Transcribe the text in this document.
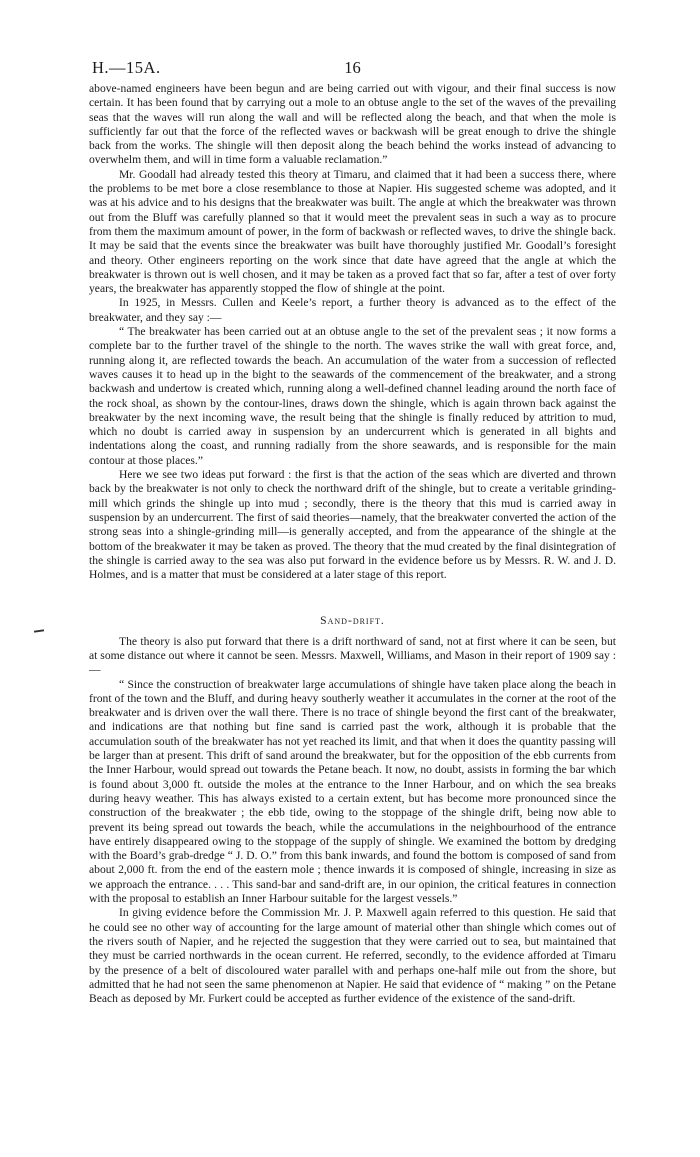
H.—15A.	16

above-named engineers have been begun and are being carried out with vigour, and their final success is now certain. It has been found that by carrying out a mole to an obtuse angle to the set of the waves of the prevailing seas that the waves will run along the wall and will be reflected along the beach, and that when the mole is sufficiently far out that the force of the reflected waves or backwash will be great enough to drive the shingle back from the works. The shingle will then deposit along the beach behind the works instead of advancing to overwhelm them, and will in time form a valuable reclamation.”

Mr. Goodall had already tested this theory at Timaru, and claimed that it had been a success there, where the problems to be met bore a close resemblance to those at Napier. His suggested scheme was adopted, and it was at his advice and to his designs that the breakwater was built. The angle at which the breakwater was thrown out from the Bluff was carefully planned so that it would meet the prevalent seas in such a way as to procure from them the maximum amount of power, in the form of backwash or reflected waves, to drive the shingle back. It may be said that the events since the breakwater was built have thoroughly justified Mr. Goodall’s foresight and theory. Other engineers reporting on the work since that date have agreed that the angle at which the breakwater is thrown out is well chosen, and it may be taken as a proved fact that so far, after a test of over forty years, the breakwater has apparently stopped the flow of shingle at the point.

In 1925, in Messrs. Cullen and Keele’s report, a further theory is advanced as to the effect of the breakwater, and they say :—

“ The breakwater has been carried out at an obtuse angle to the set of the prevalent seas ; it now forms a complete bar to the further travel of the shingle to the north. The waves strike the wall with great force, and, running along it, are reflected towards the beach. An accumulation of the water from a succession of reflected waves causes it to head up in the bight to the seawards of the commencement of the breakwater, and a strong backwash and undertow is created which, running along a well-defined channel leading around the north face of the rock shoal, as shown by the contour-lines, draws down the shingle, which is again thrown back against the breakwater by the next incoming wave, the result being that the shingle is finally reduced by attrition to mud, which no doubt is carried away in suspension by an undercurrent which is generated in all bights and indentations along the coast, and running radially from the shore seawards, and is responsible for the main contour at those places.”

Here we see two ideas put forward : the first is that the action of the seas which are diverted and thrown back by the breakwater is not only to check the northward drift of the shingle, but to create a veritable grinding-mill which grinds the shingle up into mud ; secondly, there is the theory that this mud is carried away in suspension by an undercurrent. The first of said theories—namely, that the breakwater converted the action of the strong seas into a shingle-grinding mill—is generally accepted, and from the appearance of the shingle at the bottom of the breakwater it may be taken as proved. The theory that the mud created by the final disintegration of the shingle is carried away to the sea was also put forward in the evidence before us by Messrs. R. W. and J. D. Holmes, and is a matter that must be considered at a later stage of this report.

Sand-drift.

The theory is also put forward that there is a drift northward of sand, not at first where it can be seen, but at some distance out where it cannot be seen. Messrs. Maxwell, Williams, and Mason in their report of 1909 say :—

“ Since the construction of breakwater large accumulations of shingle have taken place along the beach in front of the town and the Bluff, and during heavy southerly weather it accumulates in the corner at the root of the breakwater and is driven over the wall there. There is no trace of shingle beyond the first cant of the breakwater, and indications are that nothing but fine sand is carried past the work, although it is probable that the accumulation south of the breakwater has not yet reached its limit, and that when it does the quantity passing will be larger than at present. This drift of sand around the breakwater, but for the opposition of the ebb currents from the Inner Harbour, would spread out towards the Petane beach. It now, no doubt, assists in forming the bar which is found about 3,000 ft. outside the moles at the entrance to the Inner Harbour, and on which the sea breaks during heavy weather. This has always existed to a certain extent, but has become more pronounced since the construction of the breakwater ; the ebb tide, owing to the stoppage of the shingle drift, being now able to prevent its being spread out towards the beach, while the accumulations in the neighbourhood of the entrance have entirely disappeared owing to the stoppage of the supply of shingle. We examined the bottom by dredging with the Board’s grab-dredge “ J. D. O.” from this bank inwards, and found the bottom is composed of sand from about 2,000 ft. from the end of the eastern mole ; thence inwards it is composed of shingle, increasing in size as we approach the entrance. . . . This sand-bar and sand-drift are, in our opinion, the critical features in connection with the proposal to establish an Inner Harbour suitable for the largest vessels.”

In giving evidence before the Commission Mr. J. P. Maxwell again referred to this question. He said that he could see no other way of accounting for the large amount of material other than shingle which comes out of the rivers south of Napier, and he rejected the suggestion that they were carried out to sea, but maintained that they must be carried northwards in the ocean current. He referred, secondly, to the evidence afforded at Timaru by the presence of a belt of discoloured water parallel with and perhaps one-half mile out from the shore, but admitted that he had not seen the same phenomenon at Napier. He said that evidence of “ making ” on the Petane Beach as deposed by Mr. Furkert could be accepted as further evidence of the existence of the sand-drift.
